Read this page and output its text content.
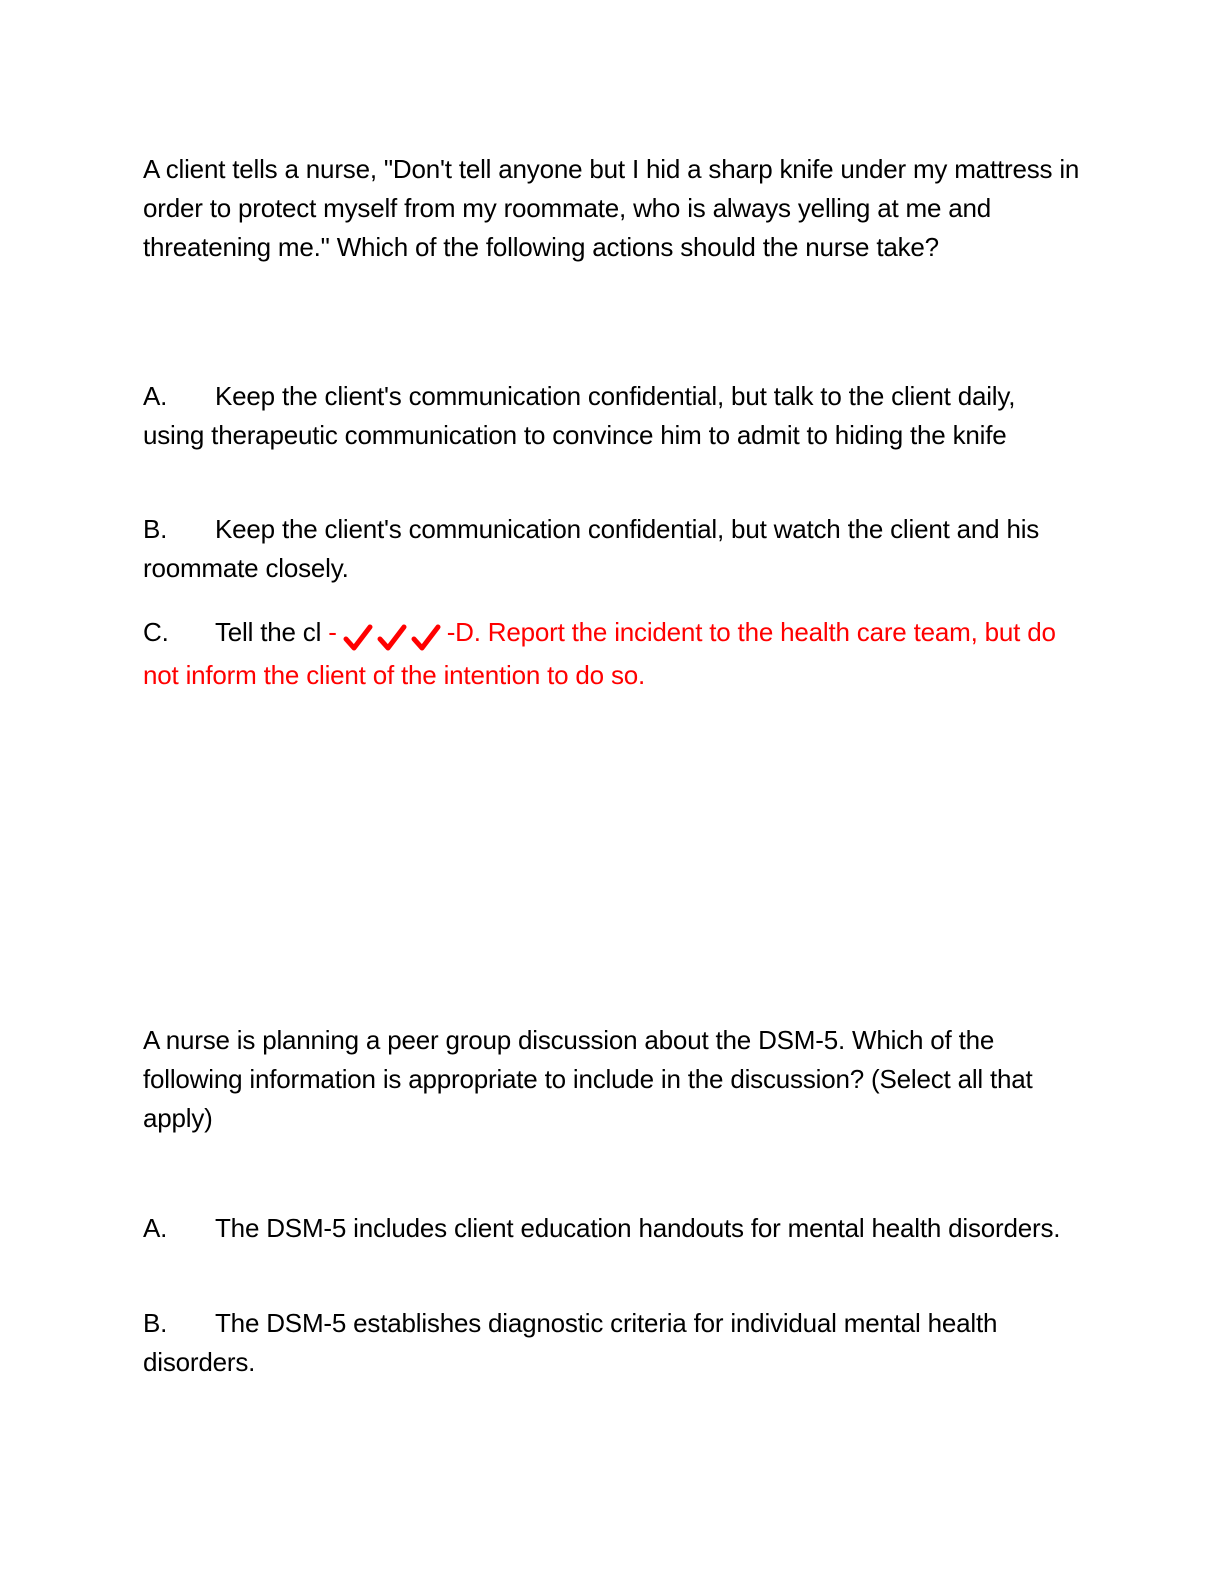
A client tells a nurse, "Don't tell anyone but I hid a sharp knife under my mattress in order to protect myself from my roommate, who is always yelling at me and threatening me." Which of the following actions should the nurse take?

A. Keep the client's communication confidential, but talk to the client daily, using therapeutic communication to convince him to admit to hiding the knife

B. Keep the client's communication confidential, but watch the client and his roommate closely.

C. Tell the cl -	-D. Report the incident to the health care team, but do not inform the client of the intention to do so.

A nurse is planning a peer group discussion about the DSM-5. Which of the following information is appropriate to include in the discussion? (Select all that apply)

A. The DSM-5 includes client education handouts for mental health disorders.

B. The DSM-5 establishes diagnostic criteria for individual mental health disorders.
